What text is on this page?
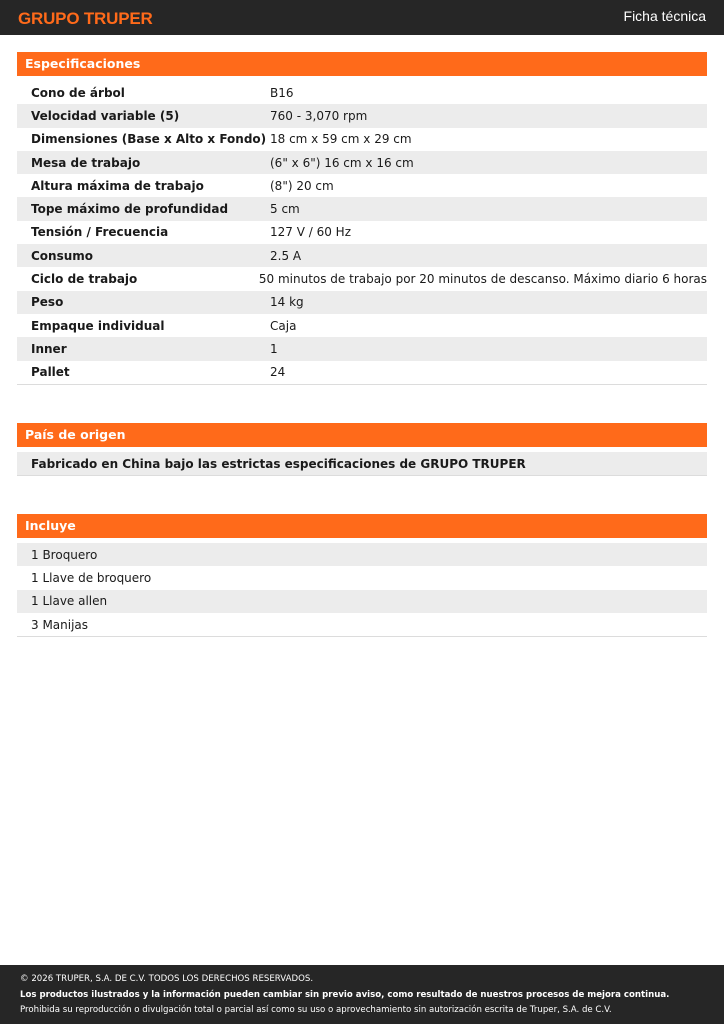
GRUPO TRUPER	Ficha técnica
Especificaciones
Cono de árbol	B16
Velocidad variable (5)	760 - 3,070 rpm
Dimensiones (Base x Alto x Fondo) 18 cm x 59 cm x 29 cm
Mesa de trabajo	(6" x 6") 16 cm x 16 cm
Altura máxima de trabajo	(8") 20 cm
Tope máximo de profundidad	5 cm
Tensión / Frecuencia	127 V / 60 Hz
Consumo	2.5 A
Ciclo de trabajo	50 minutos de trabajo por 20 minutos de descanso. Máximo diario 6 horas
Peso	14 kg
Empaque individual	Caja
Inner	1
Pallet	24
País de origen
Fabricado en China bajo las estrictas especificaciones de GRUPO TRUPER
Incluye
1 Broquero
1 Llave de broquero
1 Llave allen
3 Manijas
© 2026 TRUPER, S.A. DE C.V. TODOS LOS DERECHOS RESERVADOS.
Los productos ilustrados y la información pueden cambiar sin previo aviso, como resultado de nuestros procesos de mejora continua.
Prohibida su reproducción o divulgación total o parcial así como su uso o aprovechamiento sin autorización escrita de Truper, S.A. de C.V.
